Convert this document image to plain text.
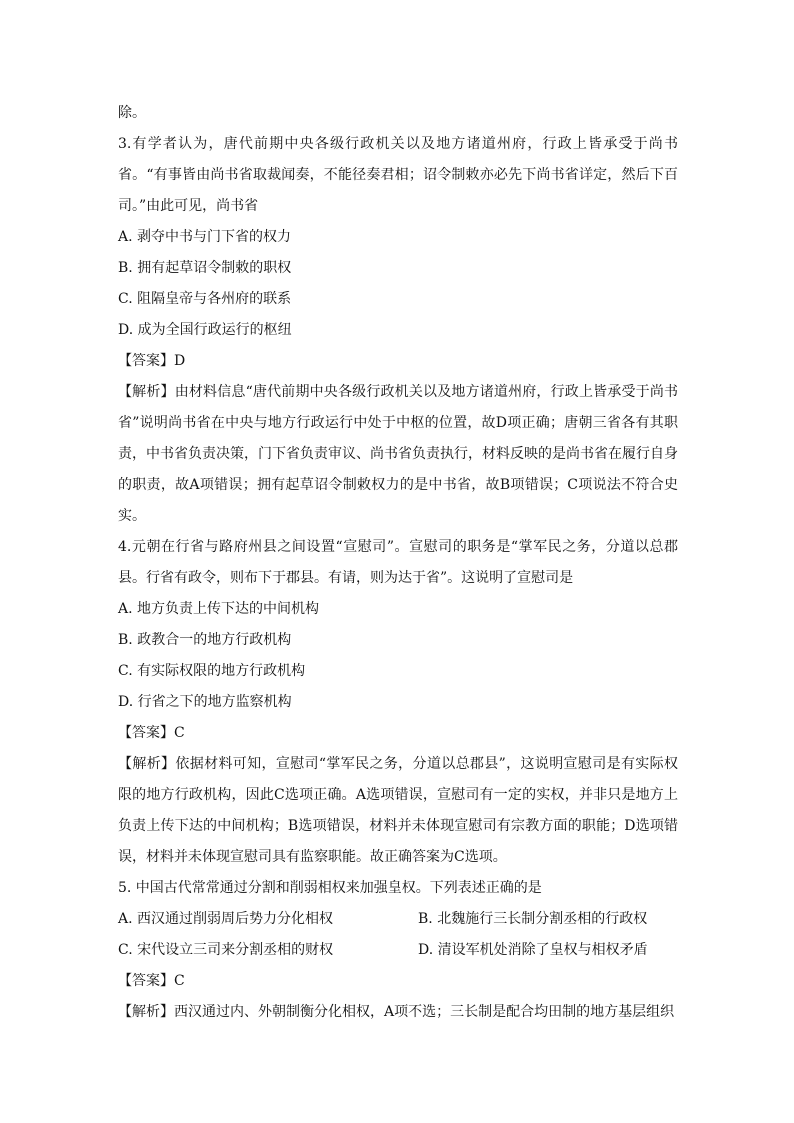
除。
3.有学者认为，唐代前期中央各级行政机关以及地方诸道州府，行政上皆承受于尚书省。“有事皆由尚书省取裁闻奏，不能径奏君相；诏令制敕亦必先下尚书省详定，然后下百司。”由此可见，尚书省
A. 剥夺中书与门下省的权力
B. 拥有起草诏令制敕的职权
C. 阻隔皇帝与各州府的联系
D. 成为全国行政运行的枢纽
【答案】D
【解析】由材料信息“唐代前期中央各级行政机关以及地方诸道州府，行政上皆承受于尚书省”说明尚书省在中央与地方行政运行中处于中枢的位置，故D项正确；唐朝三省各有其职责，中书省负责决策，门下省负责审议、尚书省负责执行，材料反映的是尚书省在履行自身的职责，故A项错误；拥有起草诏令制敕权力的是中书省，故B项错误；C项说法不符合史实。
4.元朝在行省与路府州县之间设置“宣慰司”。宣慰司的职务是“掌军民之务，分道以总郡县。行省有政令，则布下于郡县。有请，则为达于省”。这说明了宣慰司是
A. 地方负责上传下达的中间机构
B. 政教合一的地方行政机构
C. 有实际权限的地方行政机构
D. 行省之下的地方监察机构
【答案】C
【解析】依据材料可知，宣慰司“掌军民之务，分道以总郡县”，这说明宣慰司是有实际权限的地方行政机构，因此C选项正确。A选项错误，宣慰司有一定的实权，并非只是地方上负责上传下达的中间机构；B选项错误，材料并未体现宣慰司有宗教方面的职能；D选项错误，材料并未体现宣慰司具有监察职能。故正确答案为C选项。
5. 中国古代常常通过分割和削弱相权来加强皇权。下列表述正确的是
A. 西汉通过削弱周后势力分化相权	B. 北魏施行三长制分割丞相的行政权
C. 宋代设立三司来分割丞相的财权	D. 清设军机处消除了皇权与相权矛盾
【答案】C
【解析】西汉通过内、外朝制衡分化相权，A项不选；三长制是配合均田制的地方基层组织
